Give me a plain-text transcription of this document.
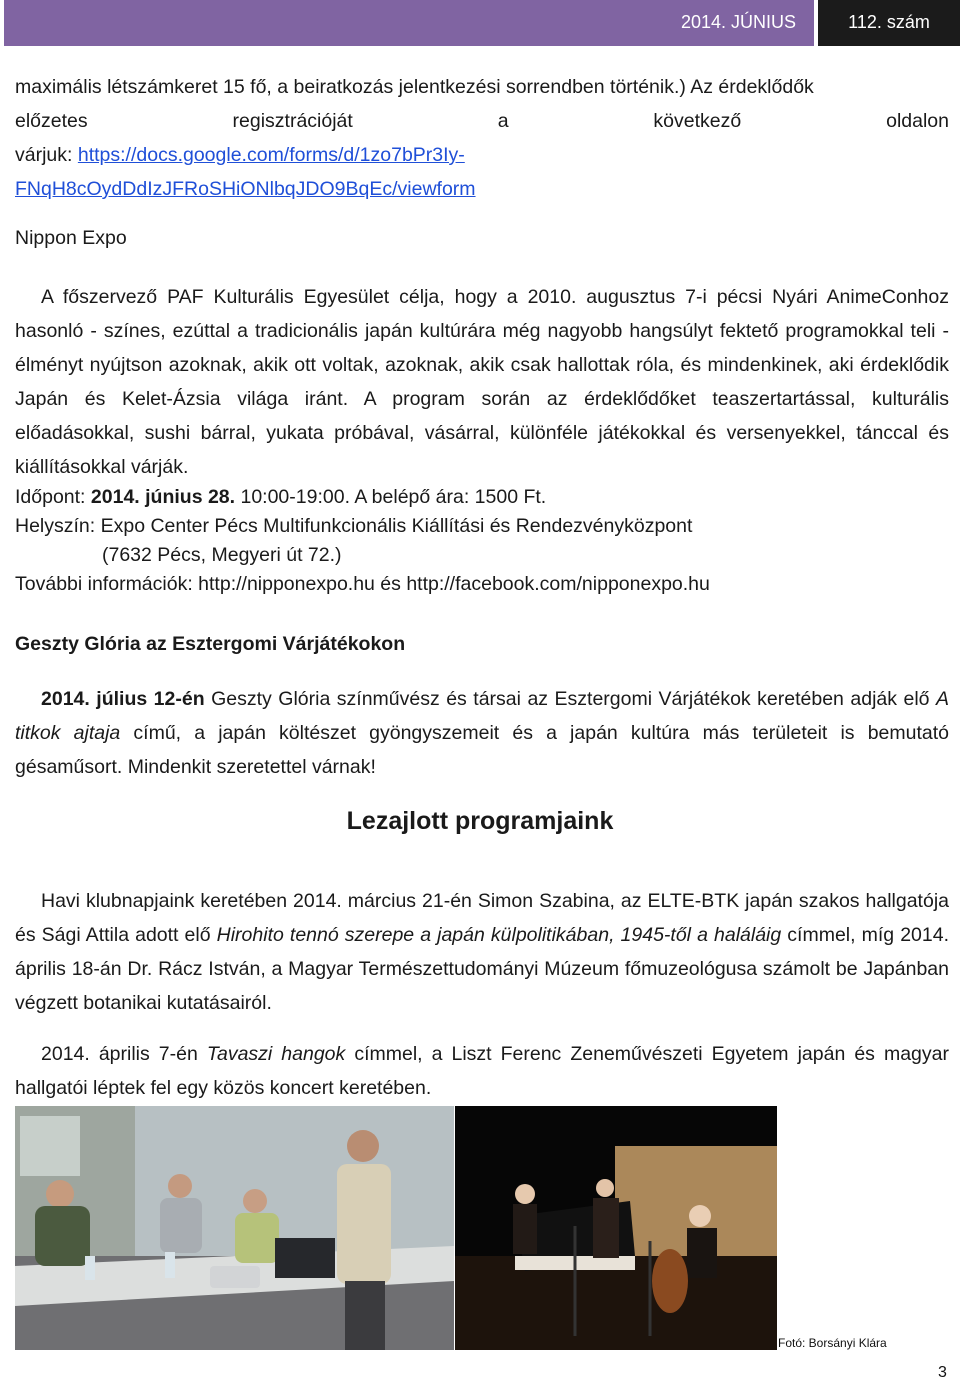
2014. JÚNIUS	112. szám

maximális létszámkeret 15 fő, a beiratkozás jelentkezési sorrendben történik.) Az érdeklődők

előzetes regisztrációját a következő oldalon

várjuk: https://docs.google.com/forms/d/1zo7bPr3Iy-

FNqH8cOydDdIzJFRoSHiONlbqJDO9BqEc/viewform

Nippon Expo

A főszervező PAF Kulturális Egyesület célja, hogy a 2010. augusztus 7-i pécsi Nyári AnimeConhoz hasonló - színes, ezúttal a tradicionális japán kultúrára még nagyobb hangsúlyt fektető programokkal teli - élményt nyújtson azoknak, akik ott voltak, azoknak, akik csak hallottak róla, és mindenkinek, aki érdeklődik Japán és Kelet-Ázsia világa iránt. A program során az érdeklődőket teaszertartással, kulturális előadásokkal, sushi bárral, yukata próbával, vásárral, különféle játékokkal és versenyekkel, tánccal és kiállításokkal várják.

Időpont: 2014. június 28. 10:00-19:00. A belépő ára: 1500 Ft.

Helyszín: Expo Center Pécs Multifunkcionális Kiállítási és Rendezvényközpont

(7632 Pécs, Megyeri út 72.)

További információk: http://nipponexpo.hu és http://facebook.com/nipponexpo.hu

Geszty Glória az Esztergomi Várjátékokon

2014. július 12-én Geszty Glória színművész és társai az Esztergomi Várjátékok keretében adják elő A titkok ajtaja című, a japán költészet gyöngyszemeit és a japán kultúra más területeit is bemutató gésaműsort. Mindenkit szeretettel várnak!

Lezajlott programjaink

Havi klubnapjaink keretében 2014. március 21-én Simon Szabina, az ELTE-BTK japán szakos hallgatója és Sági Attila adott elő Hirohito tennó szerepe a japán külpolitikában, 1945-től a haláláig címmel, míg 2014. április 18-án Dr. Rácz István, a Magyar Természettudományi Múzeum főmuzeológusa számolt be Japánban végzett botanikai kutatásairól.

2014. április 7-én Tavaszi hangok címmel, a Liszt Ferenc Zeneművészeti Egyetem japán és magyar hallgatói léptek fel egy közös koncert keretében.

Fotó: Borsányi Klára
3
